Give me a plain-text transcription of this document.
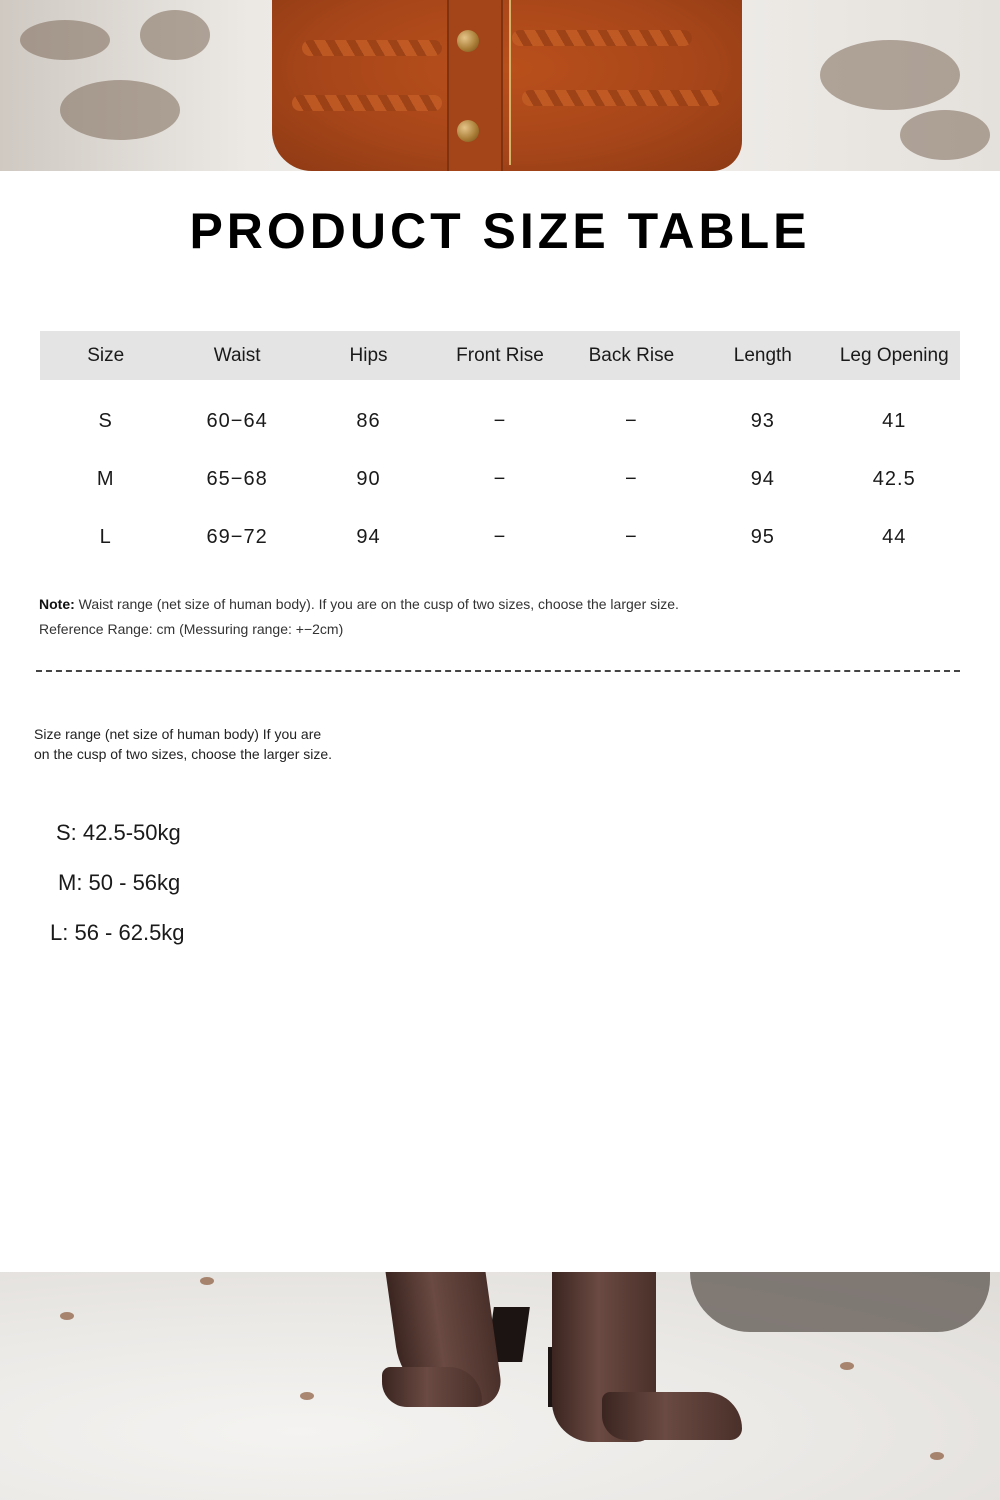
PRODUCT SIZE TABLE
Size	Waist	Hips	Front Rise	Back Rise	Length	Leg Opening

S	60−64	86	−	−	93	41
M	65−68	90	−	−	94	42.5
L	69−72	94	−	−	95	44

Note: Waist range (net size of human body). If you are on the cusp of two sizes, choose the larger size.

Reference Range: cm (Messuring range: +−2cm)

Size range (net size of human body) If you are
on the cusp of two sizes, choose the larger size.

S: 42.5-50kg

M: 50 - 56kg

L: 56 - 62.5kg
